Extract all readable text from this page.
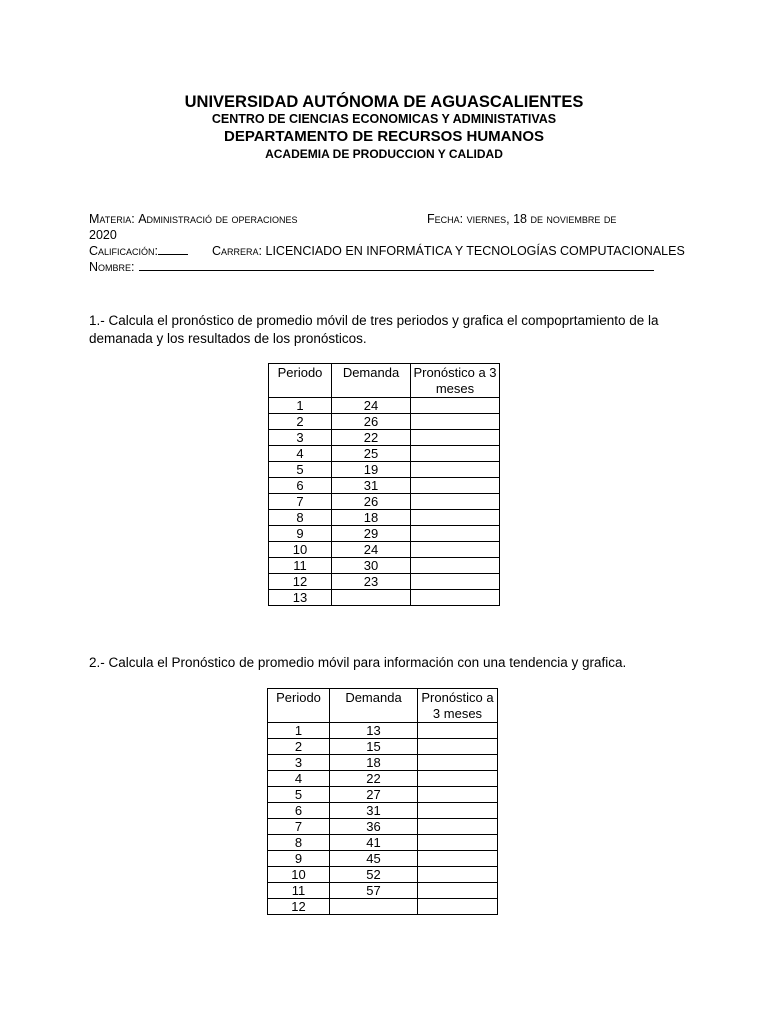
UNIVERSIDAD AUTÓNOMA DE AGUASCALIENTES
CENTRO DE CIENCIAS ECONOMICAS Y ADMINISTATIVAS
DEPARTAMENTO DE RECURSOS HUMANOS
ACADEMIA DE PRODUCCION Y CALIDAD
Materia: Administració de operaciones	Fecha: viernes, 18 de noviembre de
2020
Calificación:	Carrera: LICENCIADO EN INFORMÁTICA Y TECNOLOGÍAS COMPUTACIONALES
Nombre:
1.- Calcula el pronóstico de promedio móvil de tres periodos y grafica el compoprtamiento de la demanada y los resultados de los pronósticos.
Periodo	Demanda	Pronóstico a 3 meses
1	24	
2	26	
3	22	
4	25	
5	19	
6	31	
7	26	
8	18	
9	29	
10	24	
11	30	
12	23	
13		
2.- Calcula el Pronóstico de promedio móvil para información con una tendencia y grafica.
Periodo	Demanda	Pronóstico a 3 meses
1	13	
2	15	
3	18	
4	22	
5	27	
6	31	
7	36	
8	41	
9	45	
10	52	
11	57	
12		
